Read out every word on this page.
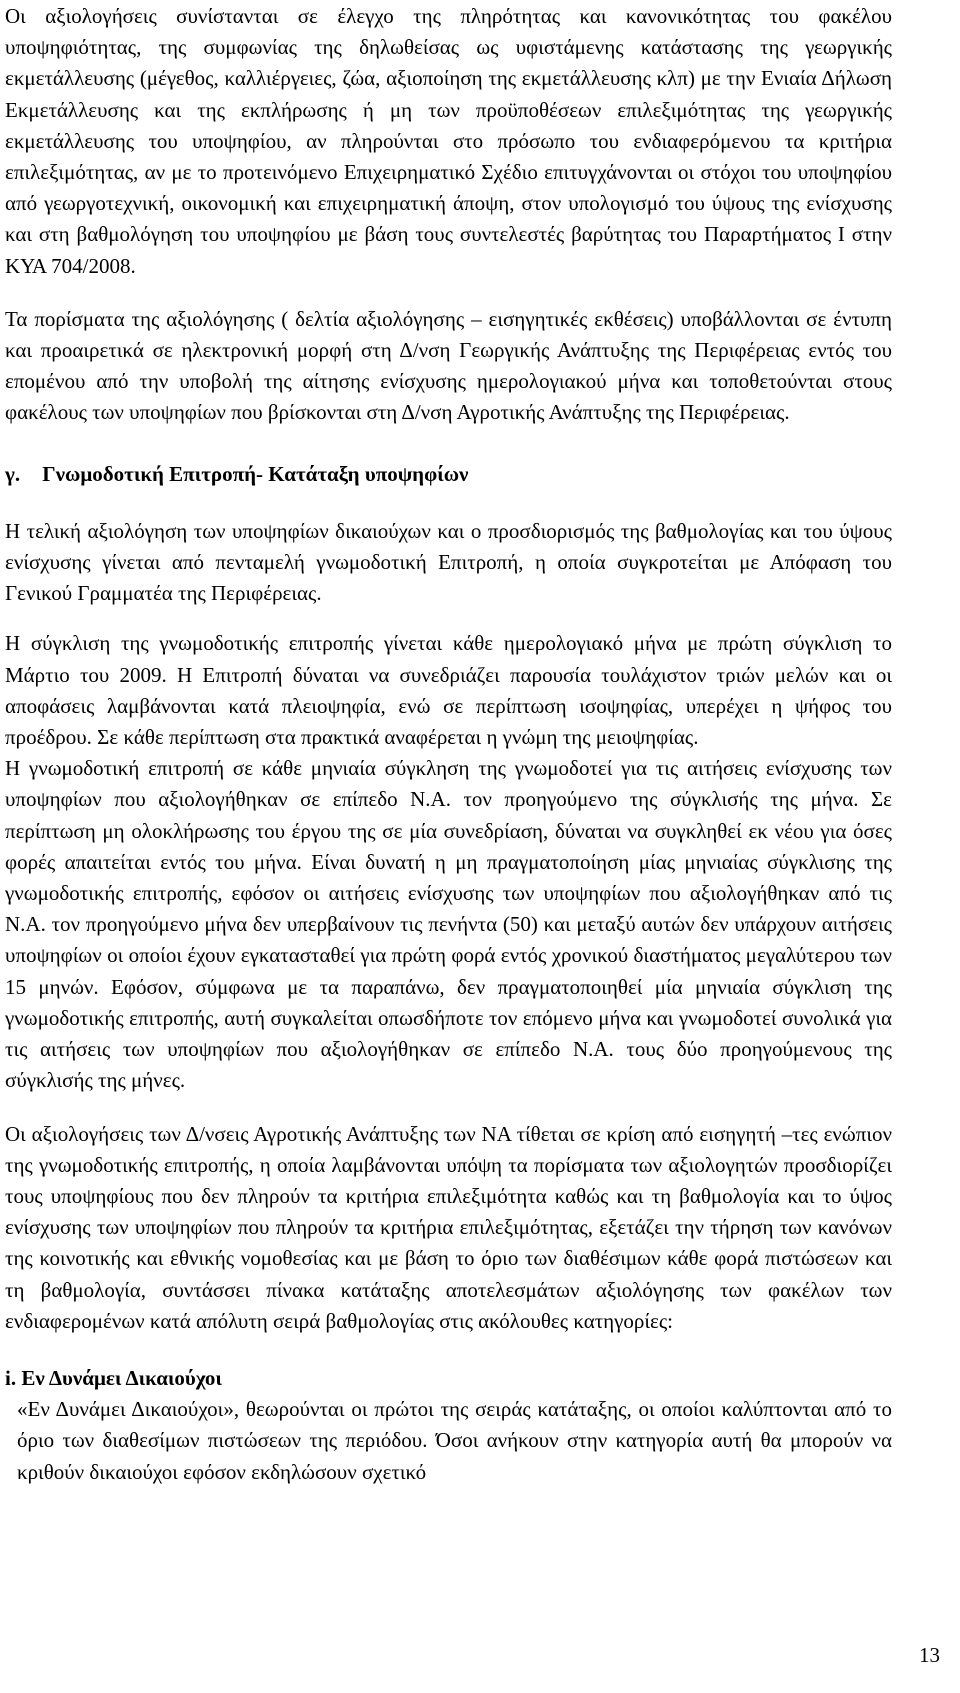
Οι αξιολογήσεις συνίστανται σε έλεγχο της πληρότητας και κανονικότητας του φακέλου υποψηφιότητας, της συμφωνίας της δηλωθείσας ως υφιστάμενης κατάστασης της γεωργικής εκμετάλλευσης (μέγεθος, καλλιέργειες, ζώα, αξιοποίηση της εκμετάλλευσης κλπ) με την Ενιαία Δήλωση Εκμετάλλευσης και της εκπλήρωσης ή μη των προϋποθέσεων επιλεξιμότητας της γεωργικής εκμετάλλευσης του υποψηφίου, αν πληρούνται στο πρόσωπο του ενδιαφερόμενου τα κριτήρια επιλεξιμότητας, αν με το προτεινόμενο Επιχειρηματικό Σχέδιο επιτυγχάνονται οι στόχοι του υποψηφίου από γεωργοτεχνική, οικονομική και επιχειρηματική άποψη, στον υπολογισμό του ύψους της ενίσχυσης και στη βαθμολόγηση του υποψηφίου με βάση τους συντελεστές βαρύτητας του Παραρτήματος Ι στην ΚΥΑ 704/2008.

Τα πορίσματα της αξιολόγησης ( δελτία αξιολόγησης – εισηγητικές εκθέσεις) υποβάλλονται σε έντυπη και προαιρετικά σε ηλεκτρονική μορφή στη Δ/νση Γεωργικής Ανάπτυξης της Περιφέρειας εντός του επομένου από την υποβολή της αίτησης ενίσχυσης ημερολογιακού μήνα και τοποθετούνται στους φακέλους των υποψηφίων που βρίσκονται στη Δ/νση Αγροτικής Ανάπτυξης της Περιφέρειας.

γ. Γνωμοδοτική Επιτροπή- Κατάταξη υποψηφίων

Η τελική αξιολόγηση των υποψηφίων δικαιούχων και ο προσδιορισμός της βαθμολογίας και του ύψους ενίσχυσης γίνεται από πενταμελή γνωμοδοτική Επιτροπή, η οποία συγκροτείται με Απόφαση του Γενικού Γραμματέα της Περιφέρειας.

Η σύγκλιση της γνωμοδοτικής επιτροπής γίνεται κάθε ημερολογιακό μήνα με πρώτη σύγκλιση το Μάρτιο του 2009. Η Επιτροπή δύναται να συνεδριάζει παρουσία τουλάχιστον τριών μελών και οι αποφάσεις λαμβάνονται κατά πλειοψηφία, ενώ σε περίπτωση ισοψηφίας, υπερέχει η ψήφος του προέδρου. Σε κάθε περίπτωση στα πρακτικά αναφέρεται η γνώμη της μειοψηφίας.

Η γνωμοδοτική επιτροπή σε κάθε μηνιαία σύγκληση της γνωμοδοτεί για τις αιτήσεις ενίσχυσης των υποψηφίων που αξιολογήθηκαν σε επίπεδο Ν.Α. τον προηγούμενο της σύγκλισής της μήνα. Σε περίπτωση μη ολοκλήρωσης του έργου της σε μία συνεδρίαση, δύναται να συγκληθεί εκ νέου για όσες φορές απαιτείται εντός του μήνα. Είναι δυνατή η μη πραγματοποίηση μίας μηνιαίας σύγκλισης της γνωμοδοτικής επιτροπής, εφόσον οι αιτήσεις ενίσχυσης των υποψηφίων που αξιολογήθηκαν από τις Ν.Α. τον προηγούμενο μήνα δεν υπερβαίνουν τις πενήντα (50) και μεταξύ αυτών δεν υπάρχουν αιτήσεις υποψηφίων οι οποίοι έχουν εγκατασταθεί για πρώτη φορά εντός χρονικού διαστήματος μεγαλύτερου των 15 μηνών. Εφόσον, σύμφωνα με τα παραπάνω, δεν πραγματοποιηθεί μία μηνιαία σύγκλιση της γνωμοδοτικής επιτροπής, αυτή συγκαλείται οπωσδήποτε τον επόμενο μήνα και γνωμοδοτεί συνολικά για τις αιτήσεις των υποψηφίων που αξιολογήθηκαν σε επίπεδο Ν.Α. τους δύο προηγούμενους της σύγκλισής της μήνες.

Οι αξιολογήσεις των Δ/νσεις Αγροτικής Ανάπτυξης των ΝΑ τίθεται σε κρίση από εισηγητή –τες ενώπιον της γνωμοδοτικής επιτροπής, η οποία λαμβάνονται υπόψη τα πορίσματα των αξιολογητών προσδιορίζει τους υποψηφίους που δεν πληρούν τα κριτήρια επιλεξιμότητα καθώς και τη βαθμολογία και το ύψος ενίσχυσης των υποψηφίων που πληρούν τα κριτήρια επιλεξιμότητας, εξετάζει την τήρηση των κανόνων της κοινοτικής και εθνικής νομοθεσίας και με βάση το όριο των διαθέσιμων κάθε φορά πιστώσεων και τη βαθμολογία, συντάσσει πίνακα κατάταξης αποτελεσμάτων αξιολόγησης των φακέλων των ενδιαφερομένων κατά απόλυτη σειρά βαθμολογίας στις ακόλουθες κατηγορίες:

i. Εν Δυνάμει Δικαιούχοι

«Εν Δυνάμει Δικαιούχοι», θεωρούνται οι πρώτοι της σειράς κατάταξης, οι οποίοι καλύπτονται από το όριο των διαθεσίμων πιστώσεων της περιόδου. Όσοι ανήκουν στην κατηγορία αυτή θα μπορούν να κριθούν δικαιούχοι εφόσον εκδηλώσουν σχετικό

13
